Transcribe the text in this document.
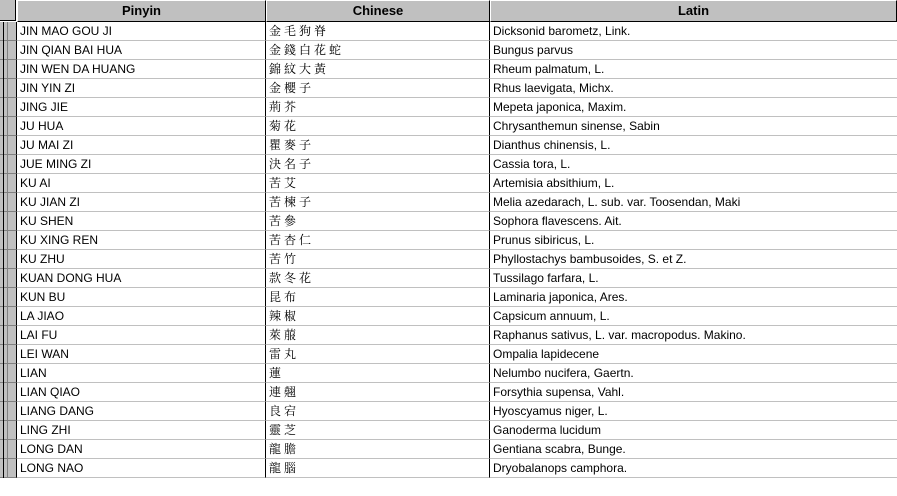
Pinyin	Chinese	Latin
JIN MAO GOU JI	金毛狗脊	Dicksonid barometz, Link.
JIN QIAN BAI HUA	金錢白花蛇	Bungus parvus
JIN WEN DA HUANG	錦紋大黃	Rheum palmatum, L.
JIN YIN ZI	金櫻子	Rhus laevigata, Michx.
JING JIE	荊芥	Mepeta japonica, Maxim.
JU HUA	菊花	Chrysanthemun sinense, Sabin
JU MAI ZI	瞿麥子	Dianthus chinensis, L.
JUE MING ZI	決名子	Cassia tora, L.
KU AI	苦艾	Artemisia absithium, L.
KU JIAN ZI	苦楝子	Melia azedarach, L. sub. var. Toosendan, Maki
KU SHEN	苦參	Sophora flavescens. Ait.
KU XING REN	苦杏仁	Prunus sibiricus, L.
KU ZHU	苦竹	Phyllostachys bambusoides, S. et Z.
KUAN DONG HUA	款冬花	Tussilago farfara, L.
KUN BU	昆布	Laminaria japonica, Ares.
LA JIAO	辣椒	Capsicum annuum, L.
LAI FU	萊菔	Raphanus sativus, L. var. macropodus. Makino.
LEI WAN	雷丸	Ompalia lapidecene
LIAN	蓮	Nelumbo nucifera, Gaertn.
LIAN QIAO	連翹	Forsythia supensa, Vahl.
LIANG DANG	良宕	Hyoscyamus niger, L.
LING ZHI	靈芝	Ganoderma lucidum
LONG DAN	龍膽	Gentiana scabra, Bunge.
LONG NAO	龍腦	Dryobalanops camphora.
